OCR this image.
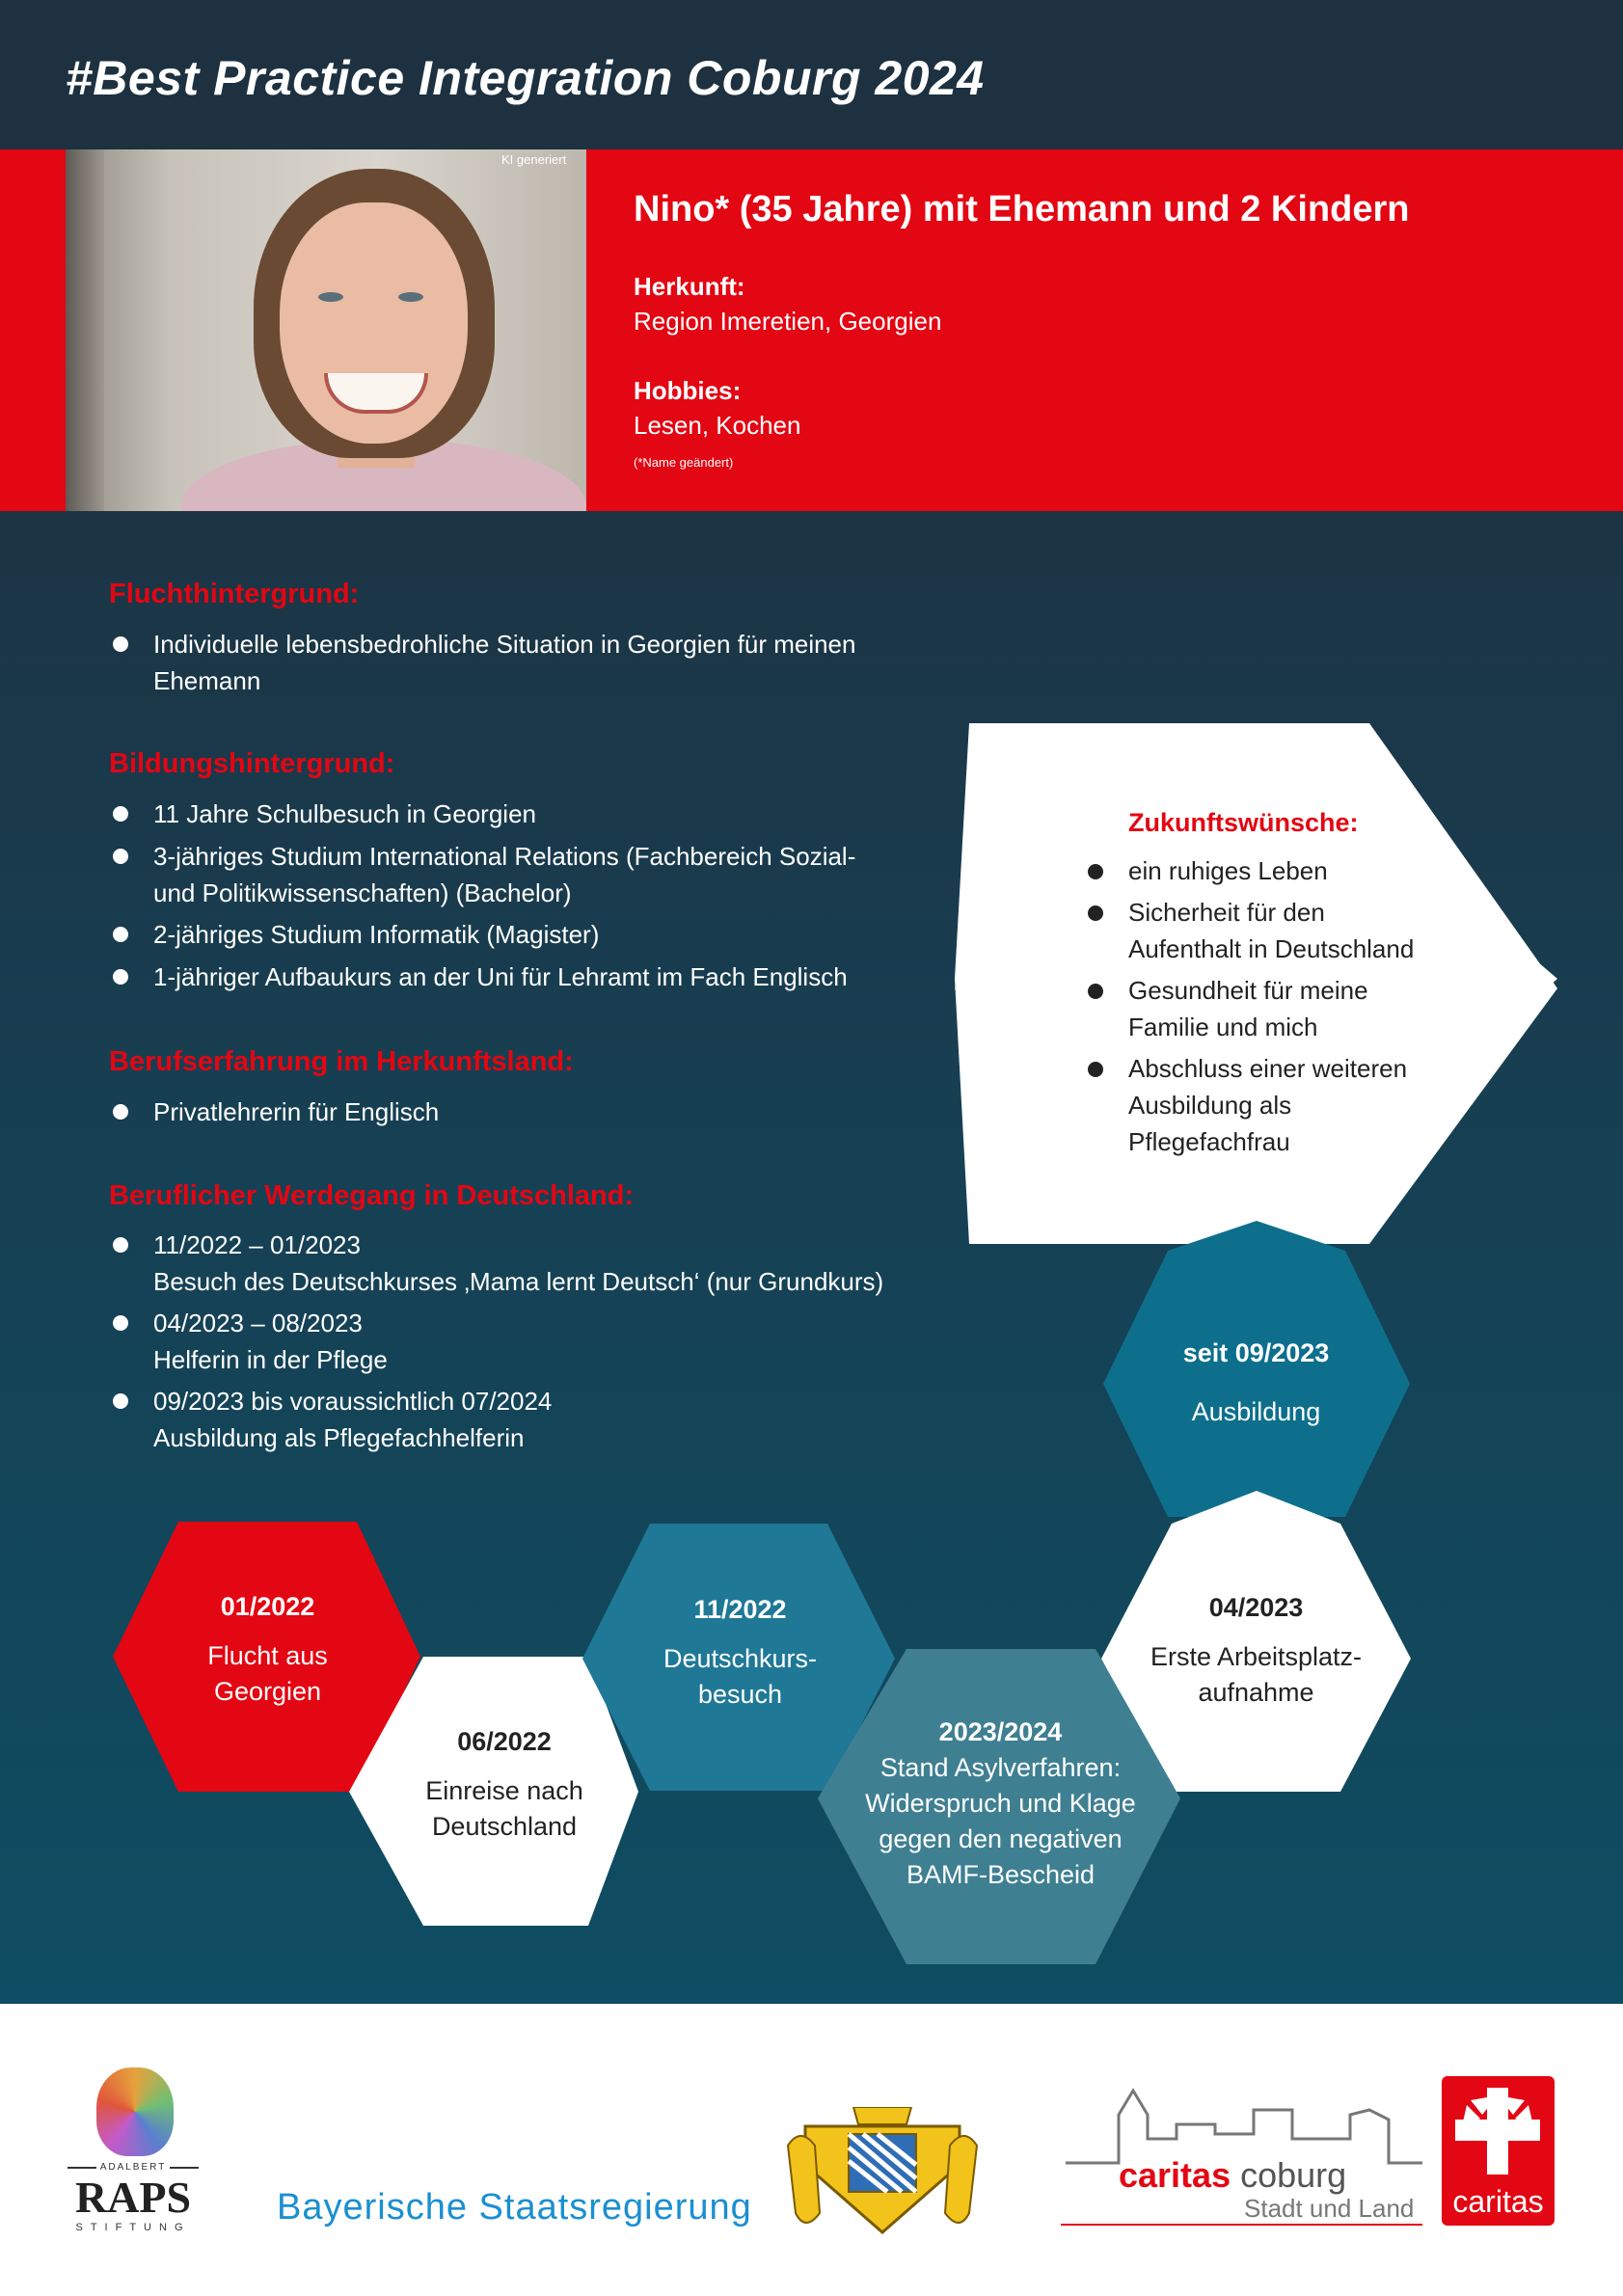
#Best Practice Integration Coburg 2024
KI generiert
Nino* (35 Jahre) mit Ehemann und 2 Kindern
Herkunft:
Region Imeretien, Georgien
Hobbies:
Lesen, Kochen
(*Name geändert)
Fluchthintergrund:
Individuelle lebensbedrohliche Situation in Georgien für meinen
Ehemann
Bildungshintergrund:
11 Jahre Schulbesuch in Georgien
3-jähriges Studium International Relations (Fachbereich Sozial-
und Politikwissenschaften) (Bachelor)
2-jähriges Studium Informatik (Magister)
1-jähriger Aufbaukurs an der Uni für Lehramt im Fach Englisch
Berufserfahrung im Herkunftsland:
Privatlehrerin für Englisch
Beruflicher Werdegang in Deutschland:
11/2022 – 01/2023
Besuch des Deutschkurses ‚Mama lernt Deutsch‘ (nur Grundkurs)
04/2023 – 08/2023
Helferin in der Pflege
09/2023 bis voraussichtlich 07/2024
Ausbildung als Pflegefachhelferin
Zukunftswünsche:
ein ruhiges Leben
Sicherheit für den
Aufenthalt in Deutschland
Gesundheit für meine
Familie und mich
Abschluss einer weiteren
Ausbildung als
Pflegefachfrau
01/2022
Flucht aus
Georgien
06/2022
Einreise nach
Deutschland
11/2022
Deutschkurs-
besuch
2023/2024
Stand Asylverfahren:
Widerspruch und Klage
gegen den negativen
BAMF-Bescheid
04/2023
Erste Arbeitsplatz-
aufnahme
seit 09/2023
Ausbildung
ADALBERT
RAPS
STIFTUNG Bayerische Staatsregierung
caritas coburg
Stadt und Land	caritas
